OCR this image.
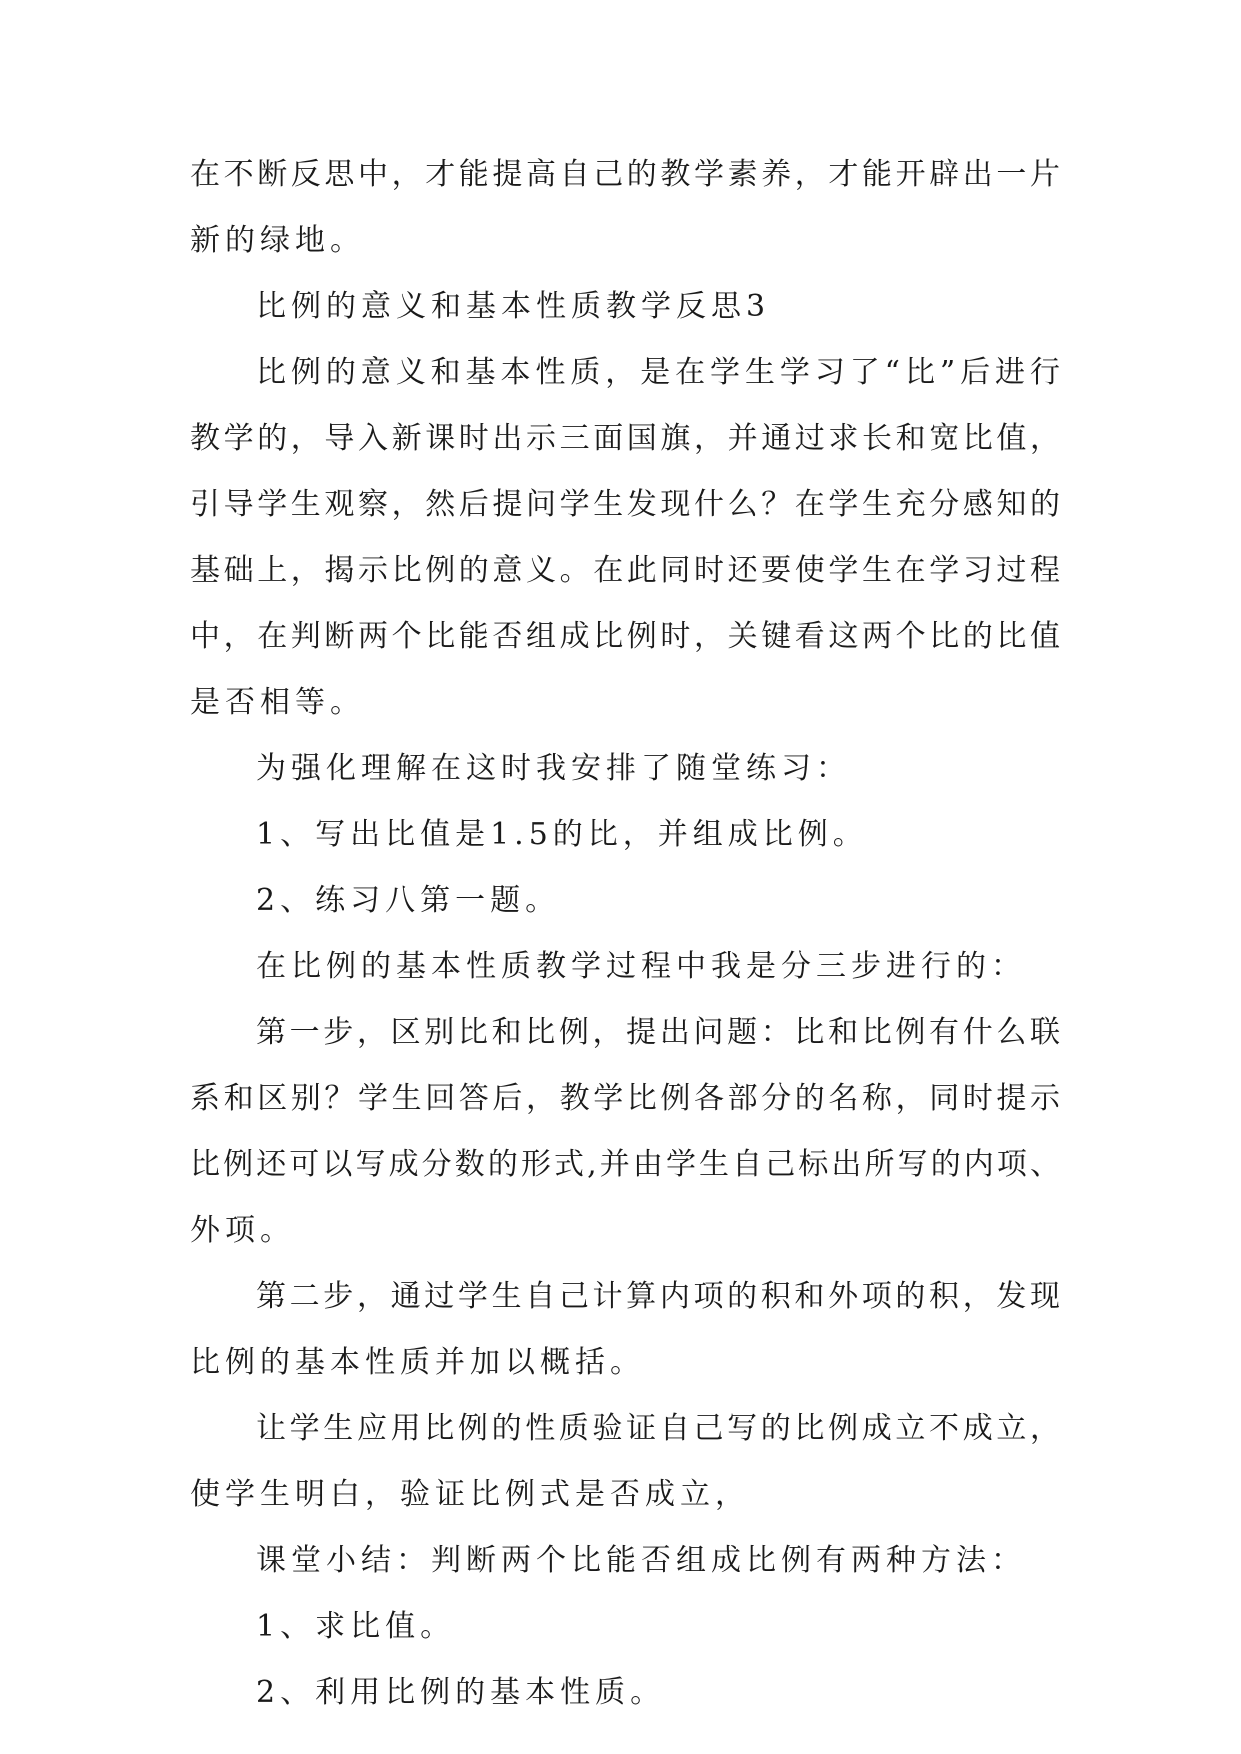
在不断反思中，才能提高自己的教学素养，才能开辟出一片

新的绿地。

比例的意义和基本性质教学反思3

比例的意义和基本性质，是在学生学习了“比”后进行

教学的，导入新课时出示三面国旗，并通过求长和宽比值，

引导学生观察，然后提问学生发现什么？在学生充分感知的

基础上，揭示比例的意义。在此同时还要使学生在学习过程

中，在判断两个比能否组成比例时，关键看这两个比的比值

是否相等。

为强化理解在这时我安排了随堂练习：

1、写出比值是1.5的比，并组成比例。

2、练习八第一题。

在比例的基本性质教学过程中我是分三步进行的：

第一步，区别比和比例，提出问题：比和比例有什么联

系和区别？学生回答后，教学比例各部分的名称，同时提示

比例还可以写成分数的形式,并由学生自己标出所写的内项、

外项。

第二步，通过学生自己计算内项的积和外项的积，发现

比例的基本性质并加以概括。

让学生应用比例的性质验证自己写的比例成立不成立，

使学生明白，验证比例式是否成立，

课堂小结：判断两个比能否组成比例有两种方法：

1、求比值。

2、利用比例的基本性质。
